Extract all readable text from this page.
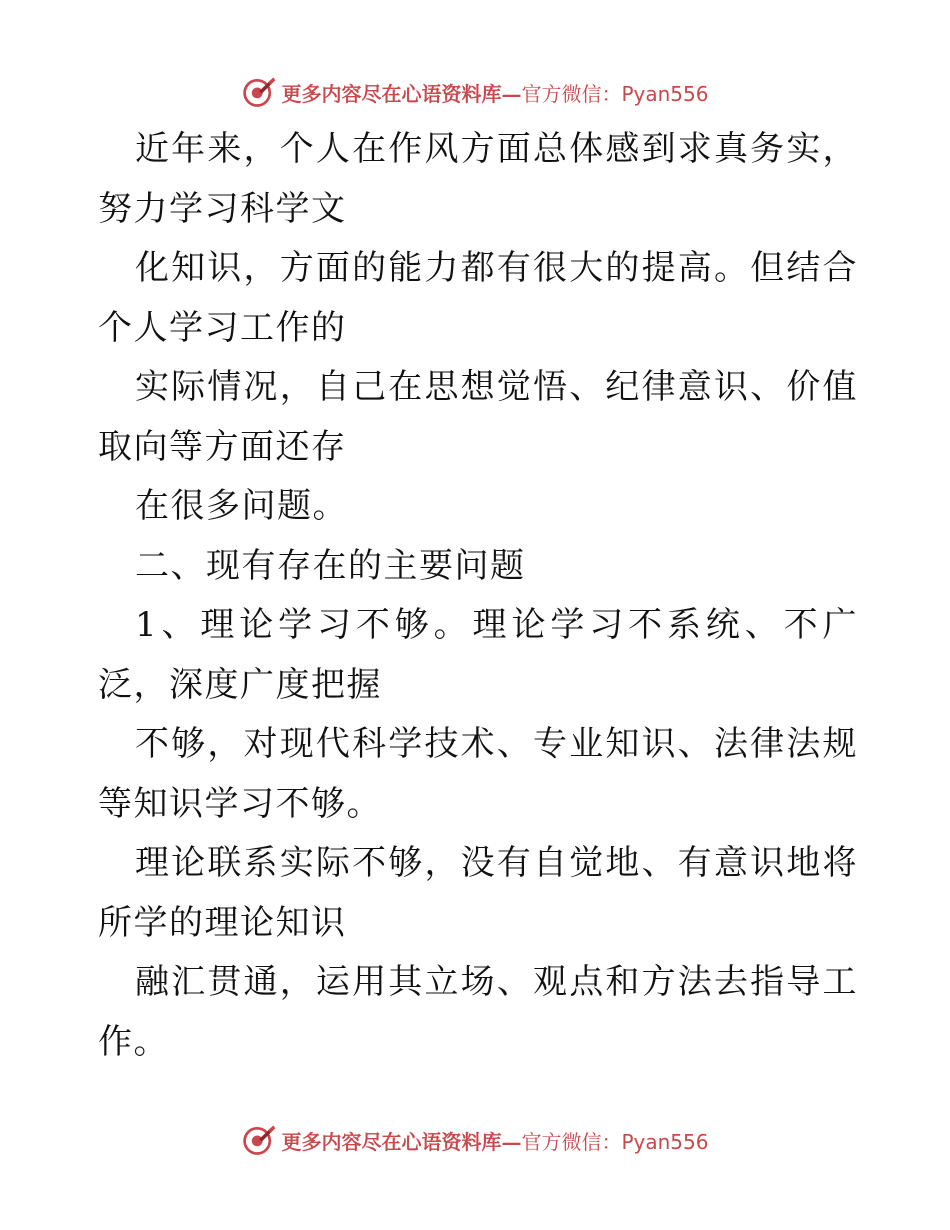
更多内容尽在心语资料库—官方微信：Pyan556

近年来，个人在作风方面总体感到求真务实，努力学习科学文

化知识，方面的能力都有很大的提高。但结合个人学习工作的

实际情况，自己在思想觉悟、纪律意识、价值取向等方面还存

在很多问题。

二、现有存在的主要问题

1、理论学习不够。理论学习不系统、不广泛，深度广度把握

不够，对现代科学技术、专业知识、法律法规等知识学习不够。

理论联系实际不够，没有自觉地、有意识地将所学的理论知识

融汇贯通，运用其立场、观点和方法去指导工作。

更多内容尽在心语资料库—官方微信：Pyan556
